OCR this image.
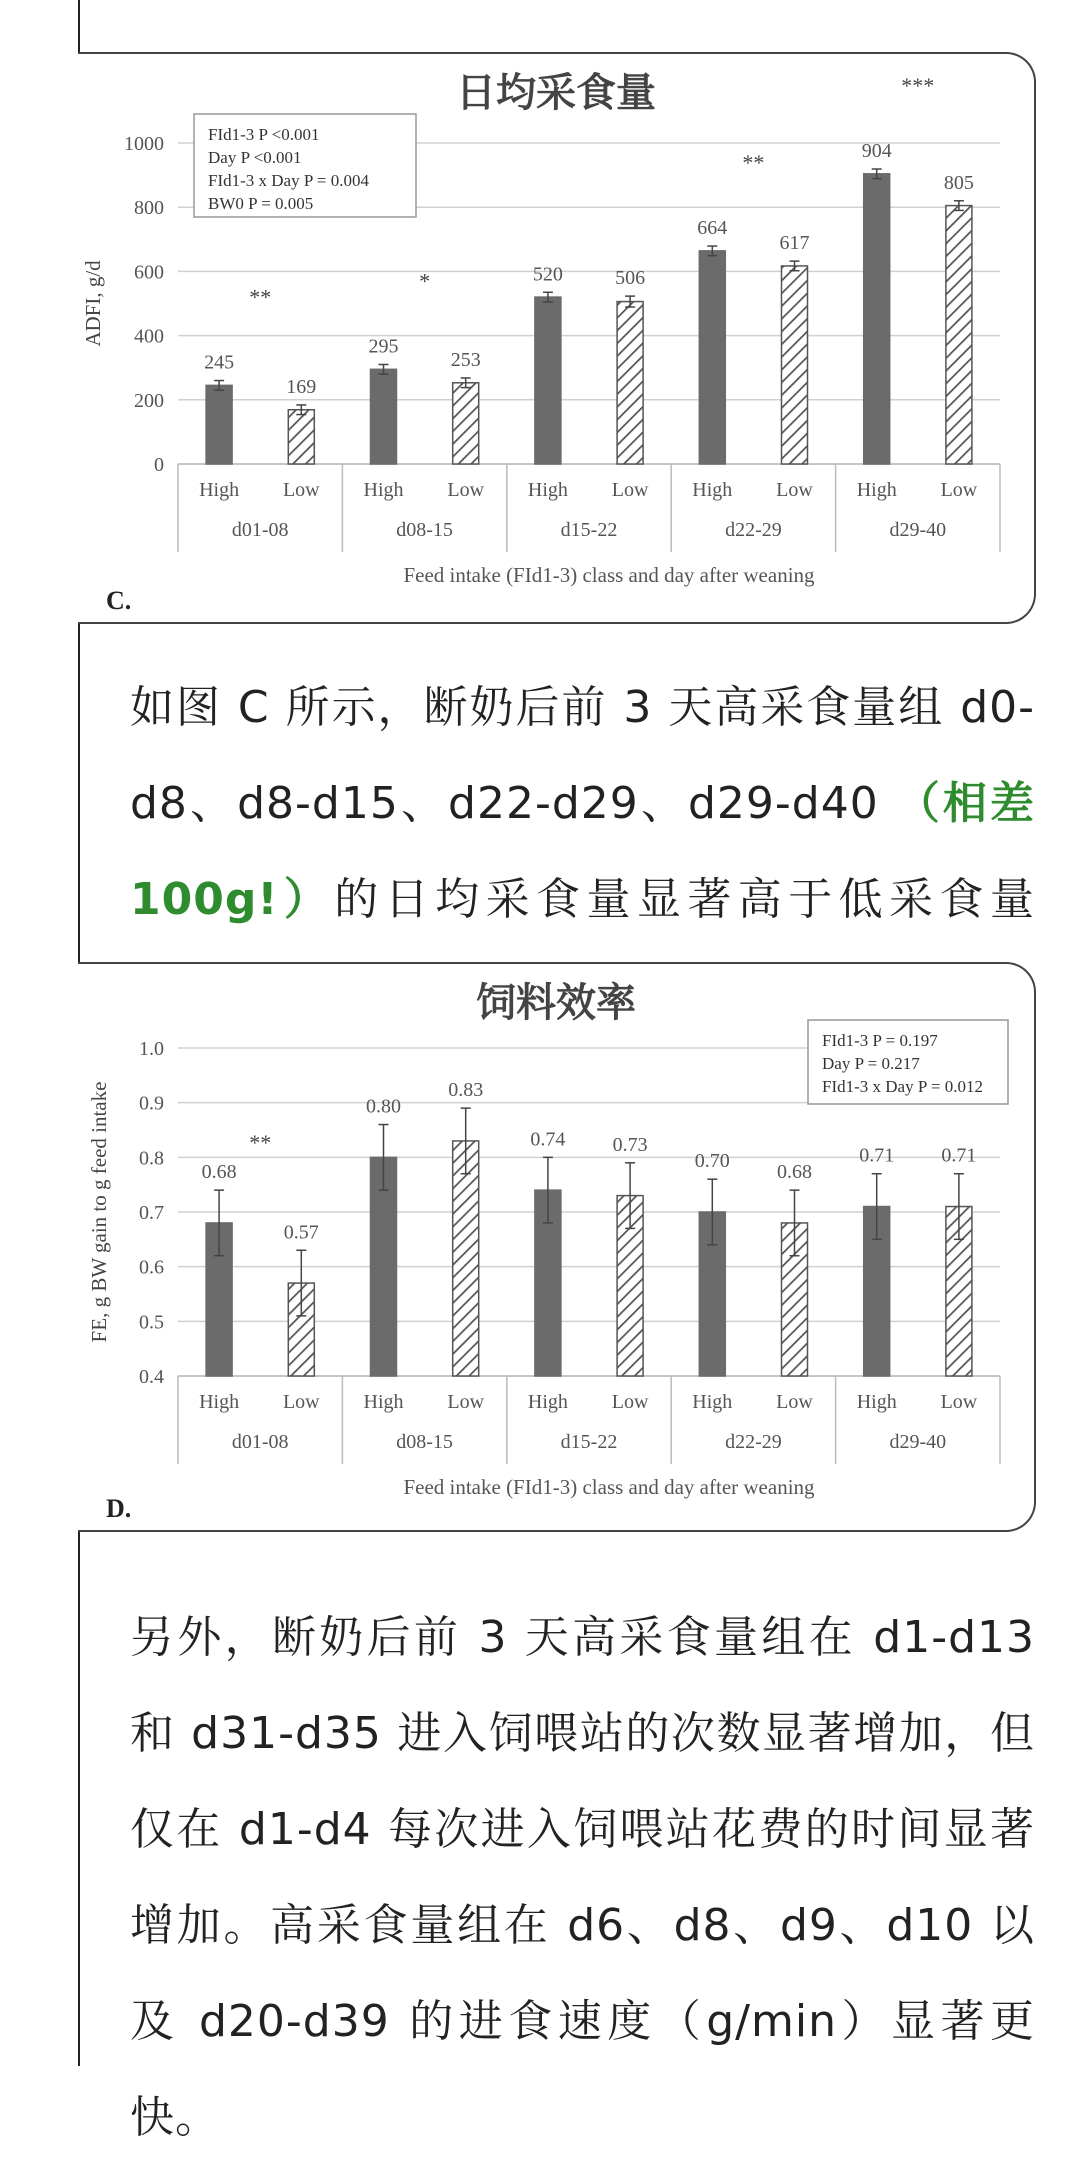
日均采食量
0
200
400
600
800
1000
ADFI, g/d
245
High
169
Low
**
d01-08
295
High
253
Low
*
d08-15
520
High
506
Low
d15-22
664
High
617
Low
**
d22-29
904
High
805
Low
***
d29-40
Feed intake (FId1-3) class and day after weaning
C.
FId1-3 P <0.001
Day P <0.001
FId1-3 x Day P = 0.004
BW0 P = 0.005
如图 C 所示，断奶后前 3 天高采食量组 d0-d8、d8-d15、d22-d29、d29-d40 （相差 100g!）的日均采食量显著高于低采食量
饲料效率
0.4
0.5
0.6
0.7
0.8
0.9
1.0
FE, g BW gain to g feed intake	0.68
High
0.57
Low
**
d01-08
0.80
High
0.83
Low
d08-15
0.74
High
0.73
Low
d15-22
0.70
High
0.68
Low
d22-29
0.71
High
0.71
Low
d29-40
Feed intake (FId1-3) class and day after weaning
D.
FId1-3 P = 0.197
Day P = 0.217
FId1-3 x Day P = 0.012
另外，断奶后前 3 天高采食量组在 d1-d13 和 d31-d35 进入饲喂站的次数显著增加，但仅在 d1-d4 每次进入饲喂站花费的时间显著增加。高采食量组在 d6、d8、d9、d10 以及 d20-d39 的进食速度（g/min）显著更快。
